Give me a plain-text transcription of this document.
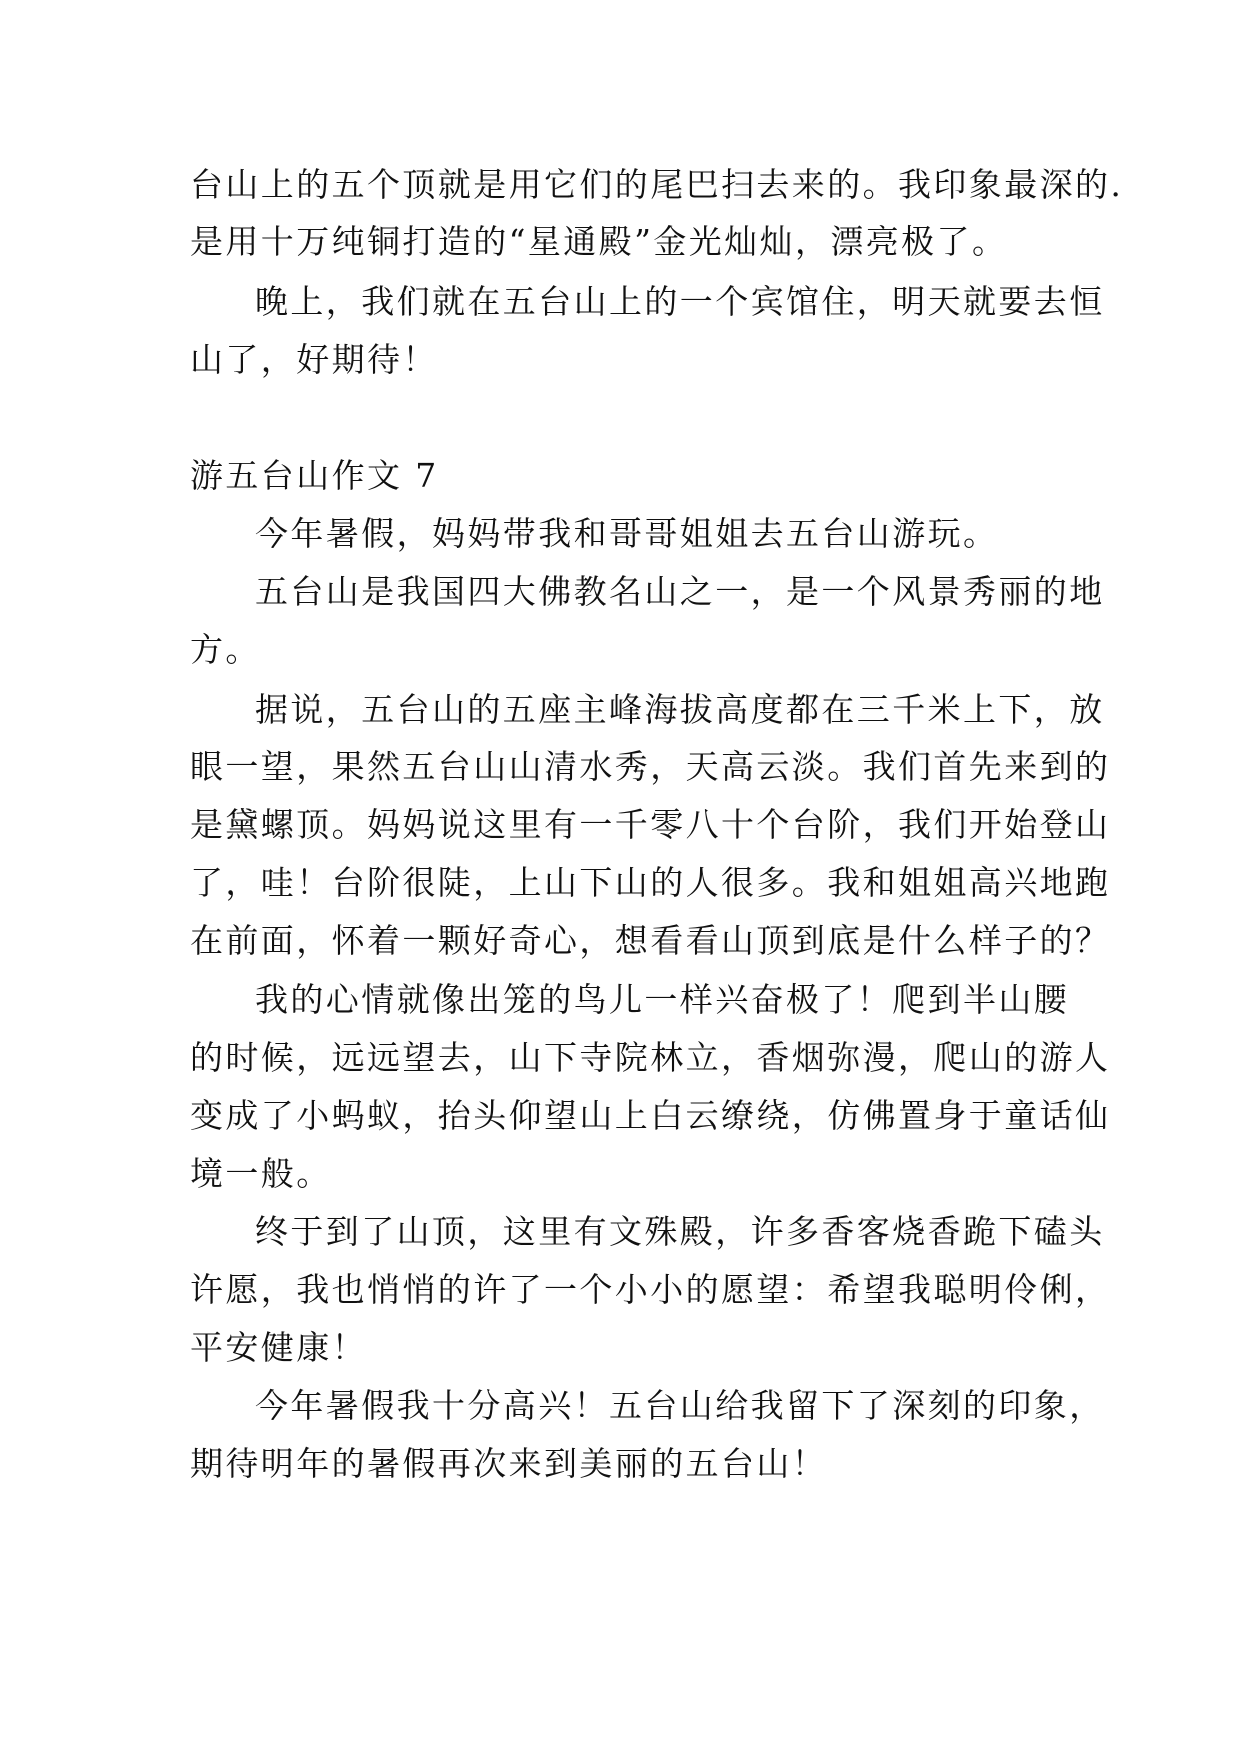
台山上的五个顶就是用它们的尾巴扫去来的。我印象最深的.
是用十万纯铜打造的“星通殿”金光灿灿，漂亮极了。
晚上，我们就在五台山上的一个宾馆住，明天就要去恒
山了，好期待！
游五台山作文 7
今年暑假，妈妈带我和哥哥姐姐去五台山游玩。
五台山是我国四大佛教名山之一，是一个风景秀丽的地
方。
据说，五台山的五座主峰海拔高度都在三千米上下，放
眼一望，果然五台山山清水秀，天高云淡。我们首先来到的
是黛螺顶。妈妈说这里有一千零八十个台阶，我们开始登山
了，哇！台阶很陡，上山下山的人很多。我和姐姐高兴地跑
在前面，怀着一颗好奇心，想看看山顶到底是什么样子的？
我的心情就像出笼的鸟儿一样兴奋极了！爬到半山腰
的时候，远远望去，山下寺院林立，香烟弥漫，爬山的游人
变成了小蚂蚁，抬头仰望山上白云缭绕，仿佛置身于童话仙
境一般。
终于到了山顶，这里有文殊殿，许多香客烧香跪下磕头
许愿，我也悄悄的许了一个小小的愿望：希望我聪明伶俐，
平安健康！
今年暑假我十分高兴！五台山给我留下了深刻的印象，
期待明年的暑假再次来到美丽的五台山！
